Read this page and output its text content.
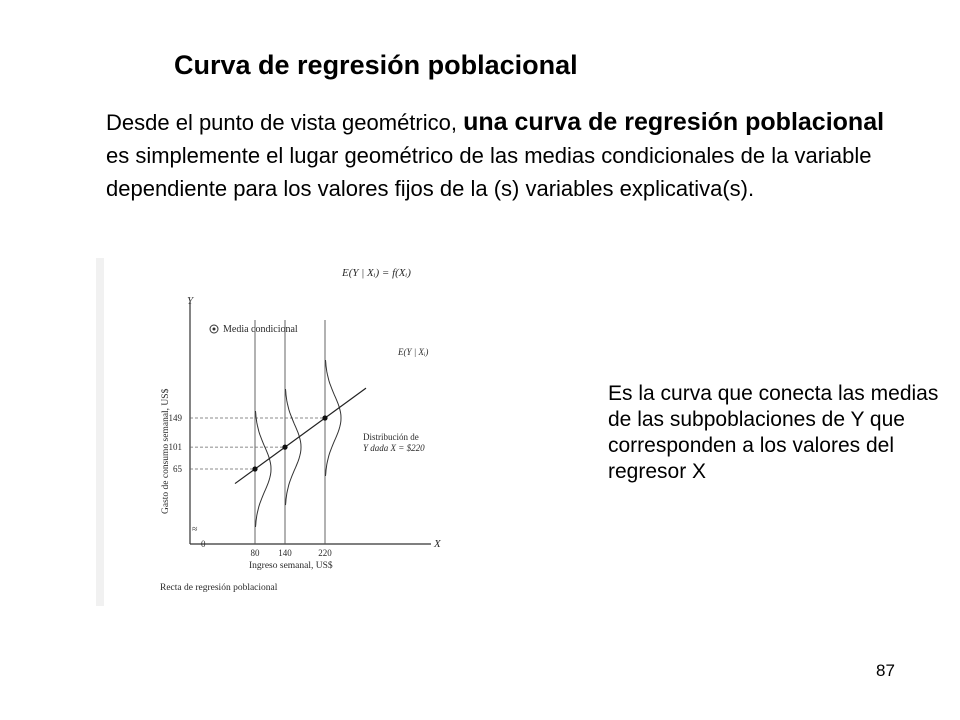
Curva de regresión poblacional
Desde el punto de vista geométrico, una curva de regresión poblacional es simplemente el lugar geométrico de las medias condicionales de la variable dependiente para los valores fijos de la (s) variables explicativa(s).
E(Y | Xᵢ) = f(Xᵢ)
Y
X
≈
0
Media condicional
E(Y | Xᵢ)
149
101
65
80 140	220
Distribución de
Y dada X = $220
Gasto de consumo semanal, US$
Ingreso semanal, US$
Recta de regresión poblacional
Es la curva que conecta las medias de las subpoblaciones de Y que corresponden a los valores del regresor X
87
